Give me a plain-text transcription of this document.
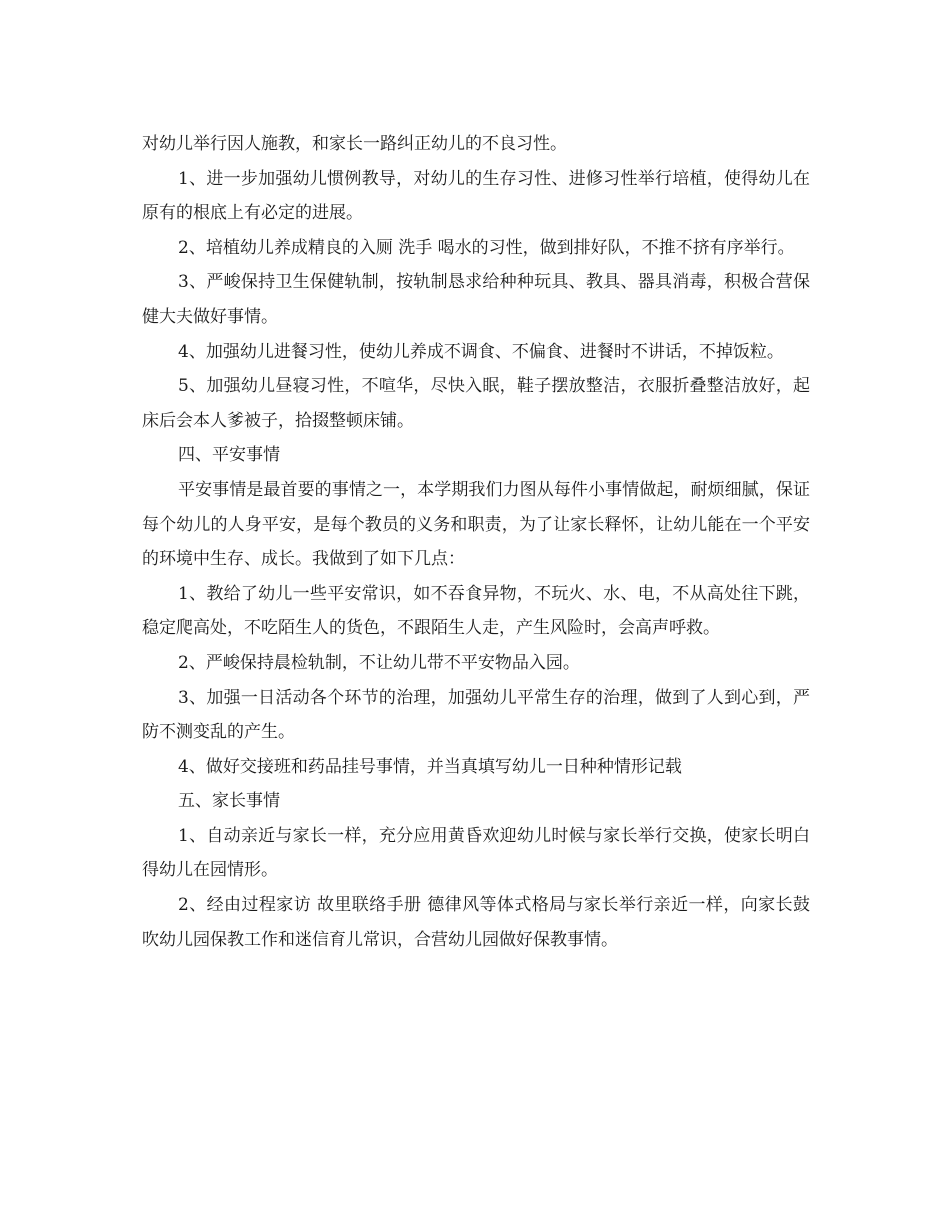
对幼儿举行因人施教，和家长一路纠正幼儿的不良习性。

1、进一步加强幼儿惯例教导，对幼儿的生存习性、进修习性举行培植，使得幼儿在原有的根底上有必定的进展。

2、培植幼儿养成精良的入厕 洗手 喝水的习性，做到排好队，不推不挤有序举行。

3、严峻保持卫生保健轨制，按轨制恳求给种种玩具、教具、器具消毒，积极合营保健大夫做好事情。

4、加强幼儿进餐习性，使幼儿养成不调食、不偏食、进餐时不讲话，不掉饭粒。

5、加强幼儿昼寝习性，不喧华，尽快入眠，鞋子摆放整洁，衣服折叠整洁放好，起床后会本人爹被子，拾掇整顿床铺。

四、平安事情

平安事情是最首要的事情之一，本学期我们力图从每件小事情做起，耐烦细腻，保证每个幼儿的人身平安，是每个教员的义务和职责，为了让家长释怀，让幼儿能在一个平安的环境中生存、成长。我做到了如下几点：

1、教给了幼儿一些平安常识，如不吞食异物，不玩火、水、电，不从高处往下跳，稳定爬高处，不吃陌生人的货色，不跟陌生人走，产生风险时，会高声呼救。

2、严峻保持晨检轨制，不让幼儿带不平安物品入园。

3、加强一日活动各个环节的治理，加强幼儿平常生存的治理，做到了人到心到，严防不测变乱的产生。

4、做好交接班和药品挂号事情，并当真填写幼儿一日种种情形记载

五、家长事情

1、自动亲近与家长一样，充分应用黄昏欢迎幼儿时候与家长举行交换，使家长明白得幼儿在园情形。

2、经由过程家访 故里联络手册 德律风等体式格局与家长举行亲近一样，向家长鼓吹幼儿园保教工作和迷信育儿常识，合营幼儿园做好保教事情。
